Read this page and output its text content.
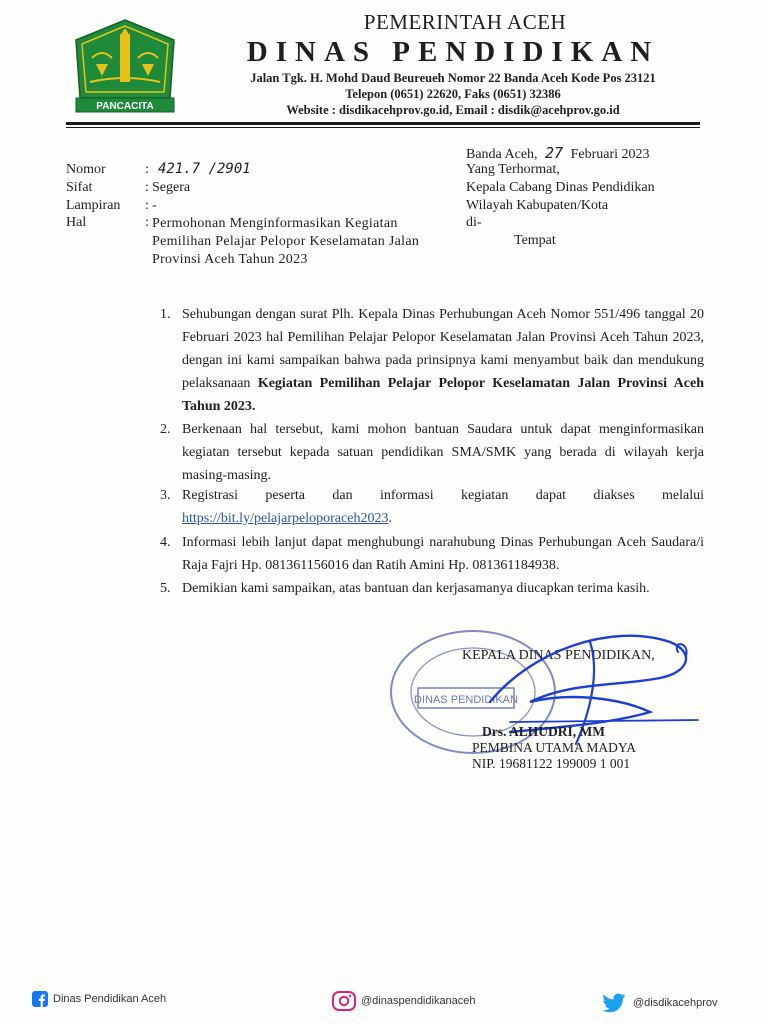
PANCACITA
PEMERINTAH ACEH
DINAS PENDIDIKAN
Jalan Tgk. H. Mohd Daud Beureueh Nomor 22 Banda Aceh Kode Pos 23121
Telepon (0651) 22620, Faks (0651) 32386
Website : disdikacehprov.go.id, Email : disdik@acehprov.go.id
Nomor	: 421.7 /2901
Sifat	: Segera
Lampiran : -
Hal	: Permohonan Menginformasikan Kegiatan Pemilihan Pelajar Pelopor Keselamatan Jalan Provinsi Aceh Tahun 2023
Banda Aceh, 27 Februari 2023
Yang Terhormat,
Kepala Cabang Dinas Pendidikan
Wilayah Kabupaten/Kota
di-
Tempat
1. Sehubungan dengan surat Plh. Kepala Dinas Perhubungan Aceh Nomor 551/496 tanggal 20 Februari 2023 hal Pemilihan Pelajar Pelopor Keselamatan Jalan Provinsi Aceh Tahun 2023, dengan ini kami sampaikan bahwa pada prinsipnya kami menyambut baik dan mendukung pelaksanaan Kegiatan Pemilihan Pelajar Pelopor Keselamatan Jalan Provinsi Aceh Tahun 2023.
2. Berkenaan hal tersebut, kami mohon bantuan Saudara untuk dapat menginformasikan kegiatan tersebut kepada satuan pendidikan SMA/SMK yang berada di wilayah kerja masing-masing.
3. Registrasi peserta dan informasi kegiatan dapat diakses melalui https://bit.ly/pelajarpeloporaceh2023.
4. Informasi lebih lanjut dapat menghubungi narahubung Dinas Perhubungan Aceh Saudara/i Raja Fajri Hp. 081361156016 dan Ratih Amini Hp. 081361184938.
5. Demikian kami sampaikan, atas bantuan dan kerjasamanya diucapkan terima kasih.
DINAS PENDIDIKAN
KEPALA DINAS PENDIDIKAN,
Drs. ALHUDRI, MM
PEMBINA UTAMA MADYA
NIP. 19681122 199009 1 001
Dinas Pendidikan Aceh	@dinaspendidikanaceh	@disdikacehprov
